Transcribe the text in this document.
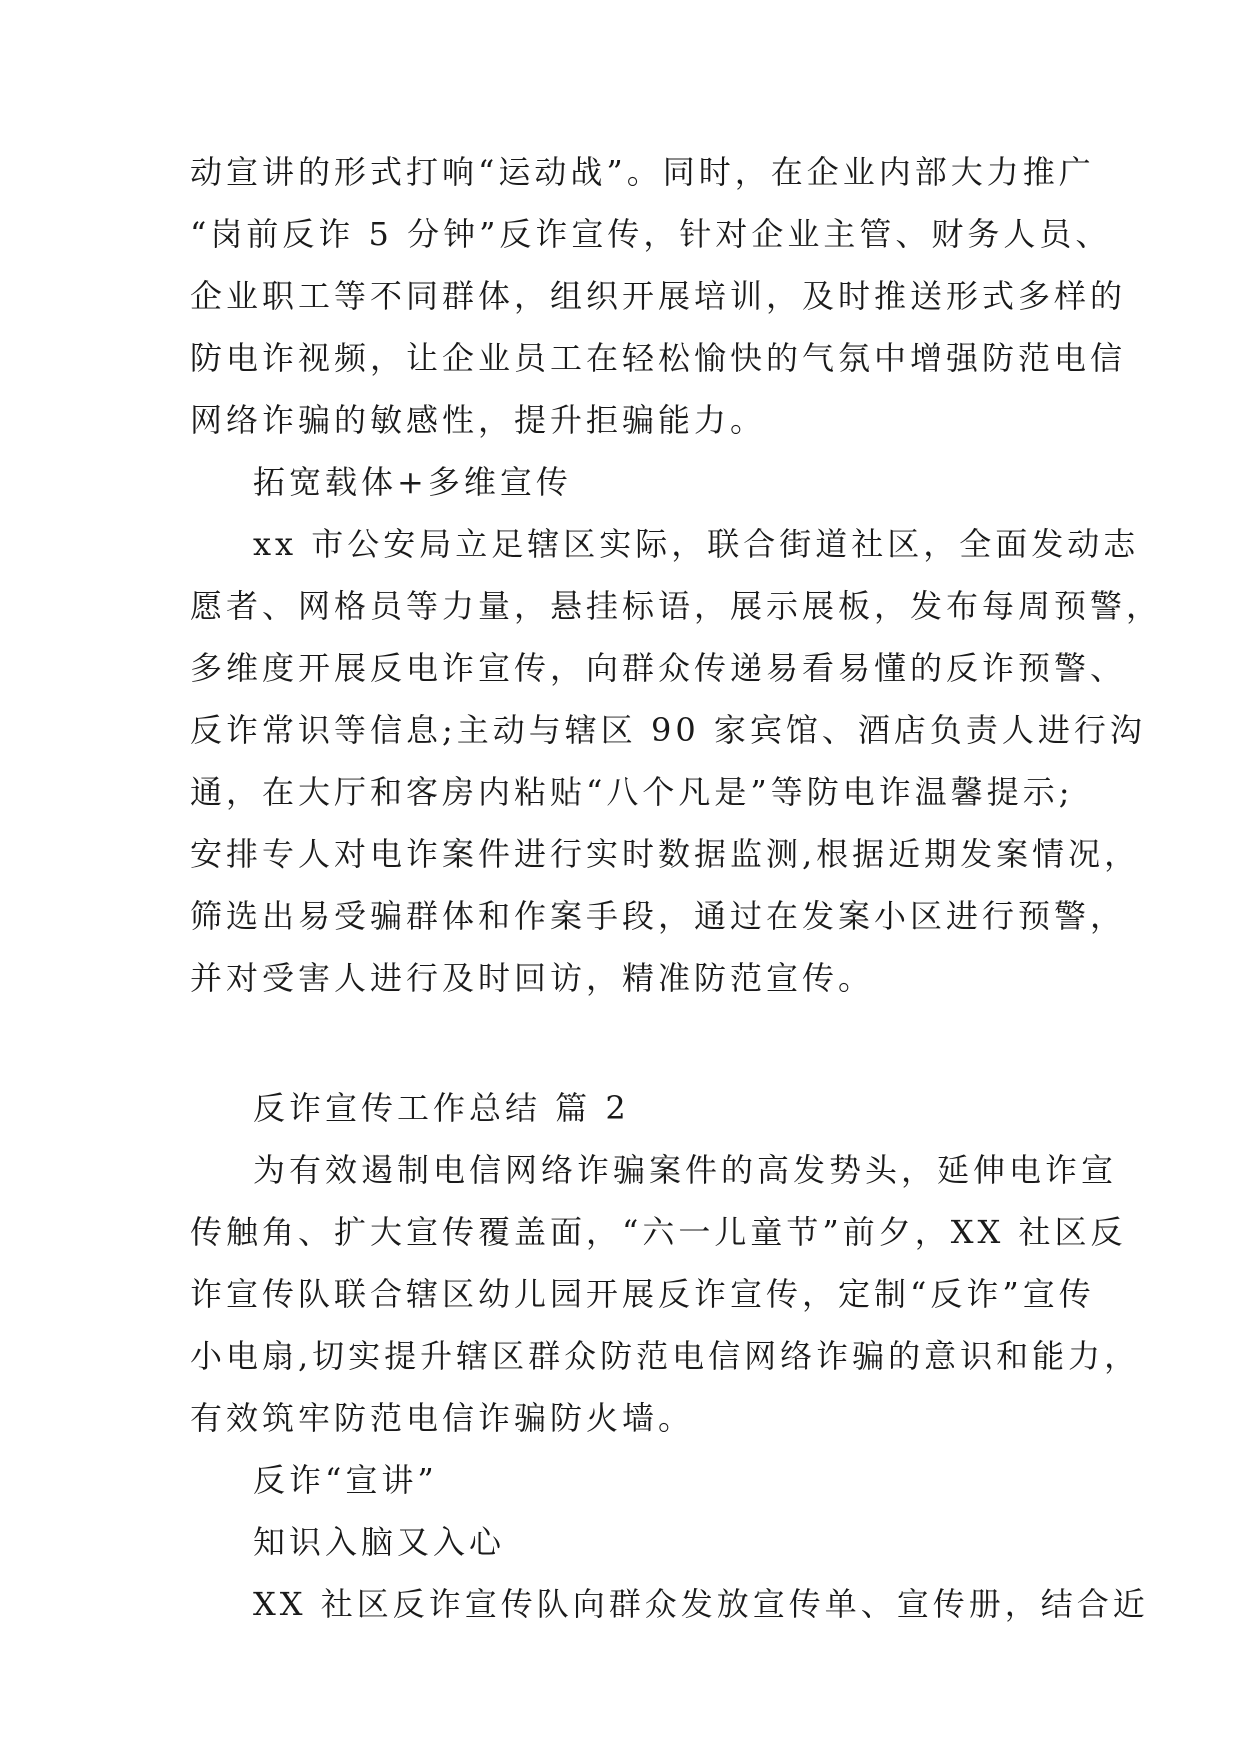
动宣讲的形式打响“运动战”。同时，在企业内部大力推广
“岗前反诈 5 分钟”反诈宣传，针对企业主管、财务人员、
企业职工等不同群体，组织开展培训，及时推送形式多样的
防电诈视频，让企业员工在轻松愉快的气氛中增强防范电信
网络诈骗的敏感性，提升拒骗能力。
拓宽载体+多维宣传
xx 市公安局立足辖区实际，联合街道社区，全面发动志
愿者、网格员等力量，悬挂标语，展示展板，发布每周预警，
多维度开展反电诈宣传，向群众传递易看易懂的反诈预警、
反诈常识等信息;主动与辖区 90 家宾馆、酒店负责人进行沟
通，在大厅和客房内粘贴“八个凡是”等防电诈温馨提示;
安排专人对电诈案件进行实时数据监测,根据近期发案情况，
筛选出易受骗群体和作案手段，通过在发案小区进行预警，
并对受害人进行及时回访，精准防范宣传。
反诈宣传工作总结 篇 2
为有效遏制电信网络诈骗案件的高发势头，延伸电诈宣
传触角、扩大宣传覆盖面，“六一儿童节”前夕，XX 社区反
诈宣传队联合辖区幼儿园开展反诈宣传，定制“反诈”宣传
小电扇,切实提升辖区群众防范电信网络诈骗的意识和能力，
有效筑牢防范电信诈骗防火墙。
反诈“宣讲”
知识入脑又入心
XX 社区反诈宣传队向群众发放宣传单、宣传册，结合近
